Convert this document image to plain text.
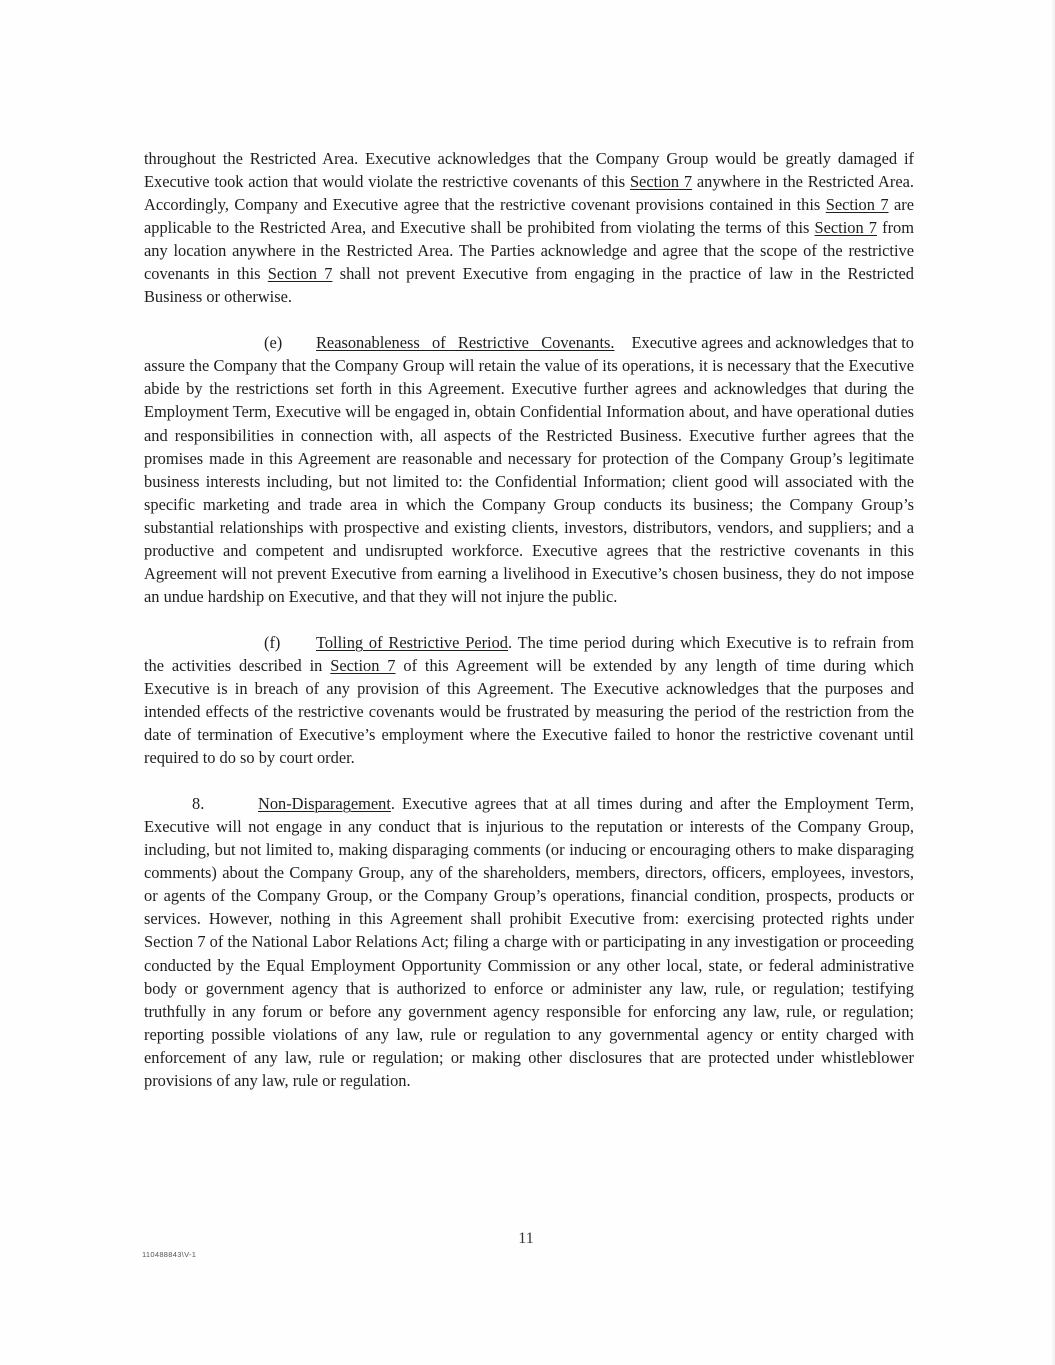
throughout the Restricted Area. Executive acknowledges that the Company Group would be greatly damaged if Executive took action that would violate the restrictive covenants of this Section 7 anywhere in the Restricted Area. Accordingly, Company and Executive agree that the restrictive covenant provisions contained in this Section 7 are applicable to the Restricted Area, and Executive shall be prohibited from violating the terms of this Section 7 from any location anywhere in the Restricted Area. The Parties acknowledge and agree that the scope of the restrictive covenants in this Section 7 shall not prevent Executive from engaging in the practice of law in the Restricted Business or otherwise.

(e) Reasonableness of Restrictive Covenants. Executive agrees and acknowledges that to assure the Company that the Company Group will retain the value of its operations, it is necessary that the Executive abide by the restrictions set forth in this Agreement. Executive further agrees and acknowledges that during the Employment Term, Executive will be engaged in, obtain Confidential Information about, and have operational duties and responsibilities in connection with, all aspects of the Restricted Business. Executive further agrees that the promises made in this Agreement are reasonable and necessary for protection of the Company Group’s legitimate business interests including, but not limited to: the Confidential Information; client good will associated with the specific marketing and trade area in which the Company Group conducts its business; the Company Group’s substantial relationships with prospective and existing clients, investors, distributors, vendors, and suppliers; and a productive and competent and undisrupted workforce. Executive agrees that the restrictive covenants in this Agreement will not prevent Executive from earning a livelihood in Executive’s chosen business, they do not impose an undue hardship on Executive, and that they will not injure the public.

(f) Tolling of Restrictive Period. The time period during which Executive is to refrain from the activities described in Section 7 of this Agreement will be extended by any length of time during which Executive is in breach of any provision of this Agreement. The Executive acknowledges that the purposes and intended effects of the restrictive covenants would be frustrated by measuring the period of the restriction from the date of termination of Executive’s employment where the Executive failed to honor the restrictive covenant until required to do so by court order.

8.	Non-Disparagement. Executive agrees that at all times during and after the Employment Term, Executive will not engage in any conduct that is injurious to the reputation or interests of the Company Group, including, but not limited to, making disparaging comments (or inducing or encouraging others to make disparaging comments) about the Company Group, any of the shareholders, members, directors, officers, employees, investors, or agents of the Company Group, or the Company Group’s operations, financial condition, prospects, products or services. However, nothing in this Agreement shall prohibit Executive from: exercising protected rights under Section 7 of the National Labor Relations Act; filing a charge with or participating in any investigation or proceeding conducted by the Equal Employment Opportunity Commission or any other local, state, or federal administrative body or government agency that is authorized to enforce or administer any law, rule, or regulation; testifying truthfully in any forum or before any government agency responsible for enforcing any law, rule, or regulation; reporting possible violations of any law, rule or regulation to any governmental agency or entity charged with enforcement of any law, rule or regulation; or making other disclosures that are protected under whistleblower provisions of any law, rule or regulation.

11
110488843\V-1
